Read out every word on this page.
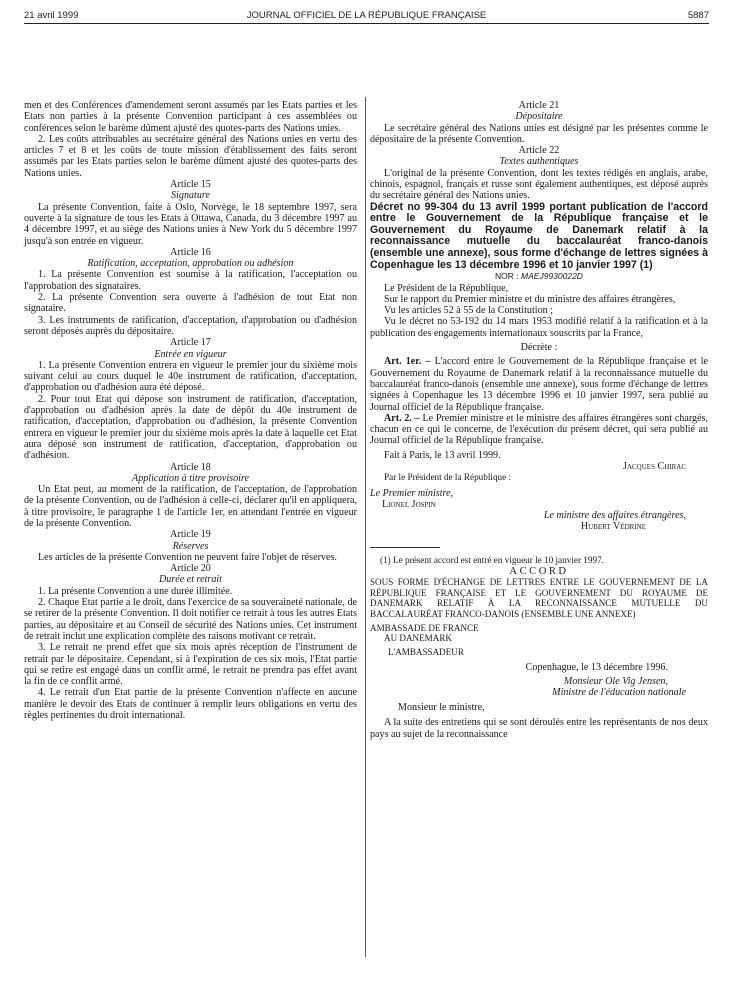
21 avril 1999	JOURNAL OFFICIEL DE LA RÉPUBLIQUE FRANÇAISE	5887

men et des Conférences d'amendement seront assumés par les Etats parties et les Etats non parties à la présente Convention participant à ces assemblées ou conférences selon le barème dûment ajusté des quotes-parts des Nations unies.

2. Les coûts attribuables au secrétaire général des Nations unies en vertu des articles 7 et 8 et les coûts de toute mission d'établissement des faits seront assumés par les Etats parties selon le barème dûment ajusté des quotes-parts des Nations unies.

Article 15

Signature

La présente Convention, faite à Oslo, Norvège, le 18 septembre 1997, sera ouverte à la signature de tous les Etats à Ottawa, Canada, du 3 décembre 1997 au 4 décembre 1997, et au siège des Nations unies à New York du 5 décembre 1997 jusqu'à son entrée en vigueur.

Article 16

Ratification, acceptation, approbation ou adhésion

1. La présente Convention est soumise à la ratification, l'acceptation ou l'approbation des signataires.

2. La présente Convention sera ouverte à l'adhésion de tout Etat non signataire.

3. Les instruments de ratification, d'acceptation, d'approbation ou d'adhésion seront déposés auprès du dépositaire.

Article 17

Entrée en vigueur

1. La présente Convention entrera en vigueur le premier jour du sixième mois suivant celui au cours duquel le 40e instrument de ratification, d'acceptation, d'approbation ou d'adhésion aura été déposé.

2. Pour tout Etat qui dépose son instrument de ratification, d'acceptation, d'approbation ou d'adhésion après la date de dépôt du 40e instrument de ratification, d'acceptation, d'approbation ou d'adhésion, la présente Convention entrera en vigueur le premier jour du sixième mois après la date à laquelle cet Etat aura déposé son instrument de ratification, d'acceptation, d'approbation ou d'adhésion.

Article 18

Application à titre provisoire

Un Etat peut, au moment de la ratification, de l'acceptation, de l'approbation de la présente Convention, ou de l'adhésion à celle-ci, déclarer qu'il en appliquera, à titre provisoire, le paragraphe 1 de l'article 1er, en attendant l'entrée en vigueur de la présente Convention.

Article 19

Réserves

Les articles de la présente Convention ne peuvent faire l'objet de réserves.

Article 20

Durée et retrait

1. La présente Convention a une durée illimitée.

2. Chaque Etat partie a le droit, dans l'exercice de sa souveraineté nationale, de se retirer de la présente Convention. Il doit notifier ce retrait à tous les autres Etats parties, au dépositaire et au Conseil de sécurité des Nations unies. Cet instrument de retrait inclut une explication complète des raisons motivant ce retrait.

3. Le retrait ne prend effet que six mois après réception de l'instrument de retrait par le dépositaire. Cependant, si à l'expiration de ces six mois, l'Etat partie qui se retire est engagé dans un conflit armé, le retrait ne prendra pas effet avant la fin de ce conflit armé.

4. Le retrait d'un Etat partie de la présente Convention n'affecte en aucune manière le devoir des Etats de continuer à remplir leurs obligations en vertu des règles pertinentes du droit international.

Article 21

Dépositaire

Le secrétaire général des Nations unies est désigné par les présentes comme le dépositaire de la présente Convention.

Article 22

Textes authentiques

L'original de la présente Convention, dont les textes rédigés en anglais, arabe, chinois, espagnol, français et russe sont également authentiques, est déposé auprès du secrétaire général des Nations unies.

Décret no 99-304 du 13 avril 1999 portant publication de l'accord entre le Gouvernement de la République française et le Gouvernement du Royaume de Danemark relatif à la reconnaissance mutuelle du baccalauréat franco-danois (ensemble une annexe), sous forme d'échange de lettres signées à Copenhague les 13 décembre 1996 et 10 janvier 1997 (1)

NOR : MAEJ9930022D

Le Président de la République,

Sur le rapport du Premier ministre et du ministre des affaires étrangères,

Vu les articles 52 à 55 de la Constitution ;

Vu le décret no 53-192 du 14 mars 1953 modifié relatif à la ratification et à la publication des engagements internationaux souscrits par la France,

Décrète :

Art. 1er. – L'accord entre le Gouvernement de la République française et le Gouvernement du Royaume de Danemark relatif à la reconnaissance mutuelle du baccalauréat franco-danois (ensemble une annexe), sous forme d'échange de lettres signées à Copenhague les 13 décembre 1996 et 10 janvier 1997, sera publié au Journal officiel de la République française.

Art. 2. – Le Premier ministre et le ministre des affaires étrangères sont chargés, chacun en ce qui le concerne, de l'exécution du présent décret, qui sera publié au Journal officiel de la République française.

Fait à Paris, le 13 avril 1999.

Jacques Chirac

Par le Président de la République :

Le Premier ministre,

Lionel Jospin

Le ministre des affaires étrangères,

Hubert Védrine

(1) Le présent accord est entré en vigueur le 10 janvier 1997.

ACCORD

SOUS FORME D'ÉCHANGE DE LETTRES ENTRE LE GOUVERNEMENT DE LA RÉPUBLIQUE FRANÇAISE ET LE GOUVERNEMENT DU ROYAUME DE DANEMARK RELATIF À LA RECONNAISSANCE MUTUELLE DU BACCALAURÉAT FRANCO-DANOIS (ENSEMBLE UNE ANNEXE)

AMBASSADE DE FRANCE

AU DANEMARK

L'AMBASSADEUR

Copenhague, le 13 décembre 1996.

Monsieur Ole Vig Jensen,

Ministre de l'éducation nationale

Monsieur le ministre,

A la suite des entretiens qui se sont déroulés entre les représentants de nos deux pays au sujet de la reconnaissance
